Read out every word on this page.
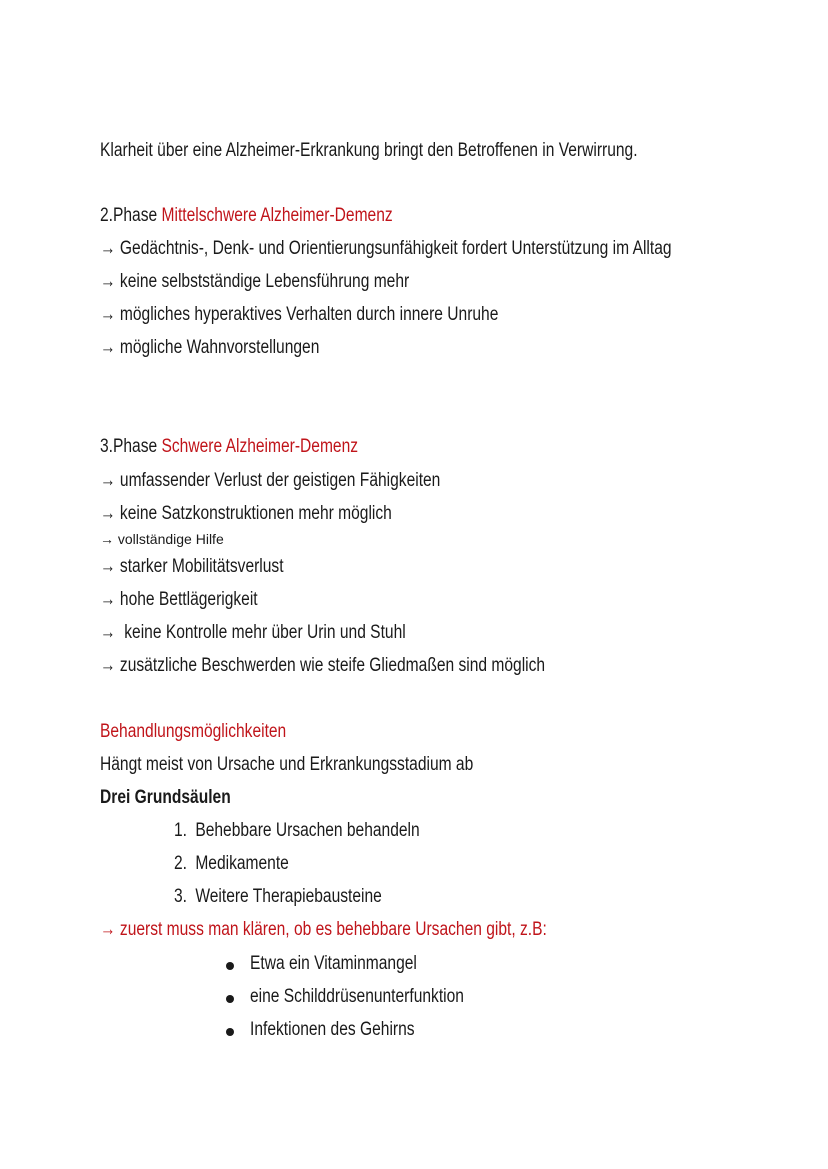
Klarheit über eine Alzheimer-Erkrankung bringt den Betroffenen in Verwirrung.
2.Phase Mittelschwere Alzheimer-Demenz
→ Gedächtnis-, Denk- und Orientierungsunfähigkeit fordert Unterstützung im Alltag
→ keine selbstständige Lebensführung mehr
→ mögliches hyperaktives Verhalten durch innere Unruhe
→ mögliche Wahnvorstellungen
3.Phase Schwere Alzheimer-Demenz
→ umfassender Verlust der geistigen Fähigkeiten
→ keine Satzkonstruktionen mehr möglich
→ vollständige Hilfe
→ starker Mobilitätsverlust
→ hohe Bettlägerigkeit
→  keine Kontrolle mehr über Urin und Stuhl
→ zusätzliche Beschwerden wie steife Gliedmaßen sind möglich
Behandlungsmöglichkeiten
Hängt meist von Ursache und Erkrankungsstadium ab
Drei Grundsäulen
1. Behebbare Ursachen behandeln
2. Medikamente
3. Weitere Therapiebausteine
→ zuerst muss man klären, ob es behebbare Ursachen gibt, z.B:
Etwa ein Vitaminmangel
eine Schilddrüsenunterfunktion
Infektionen des Gehirns
